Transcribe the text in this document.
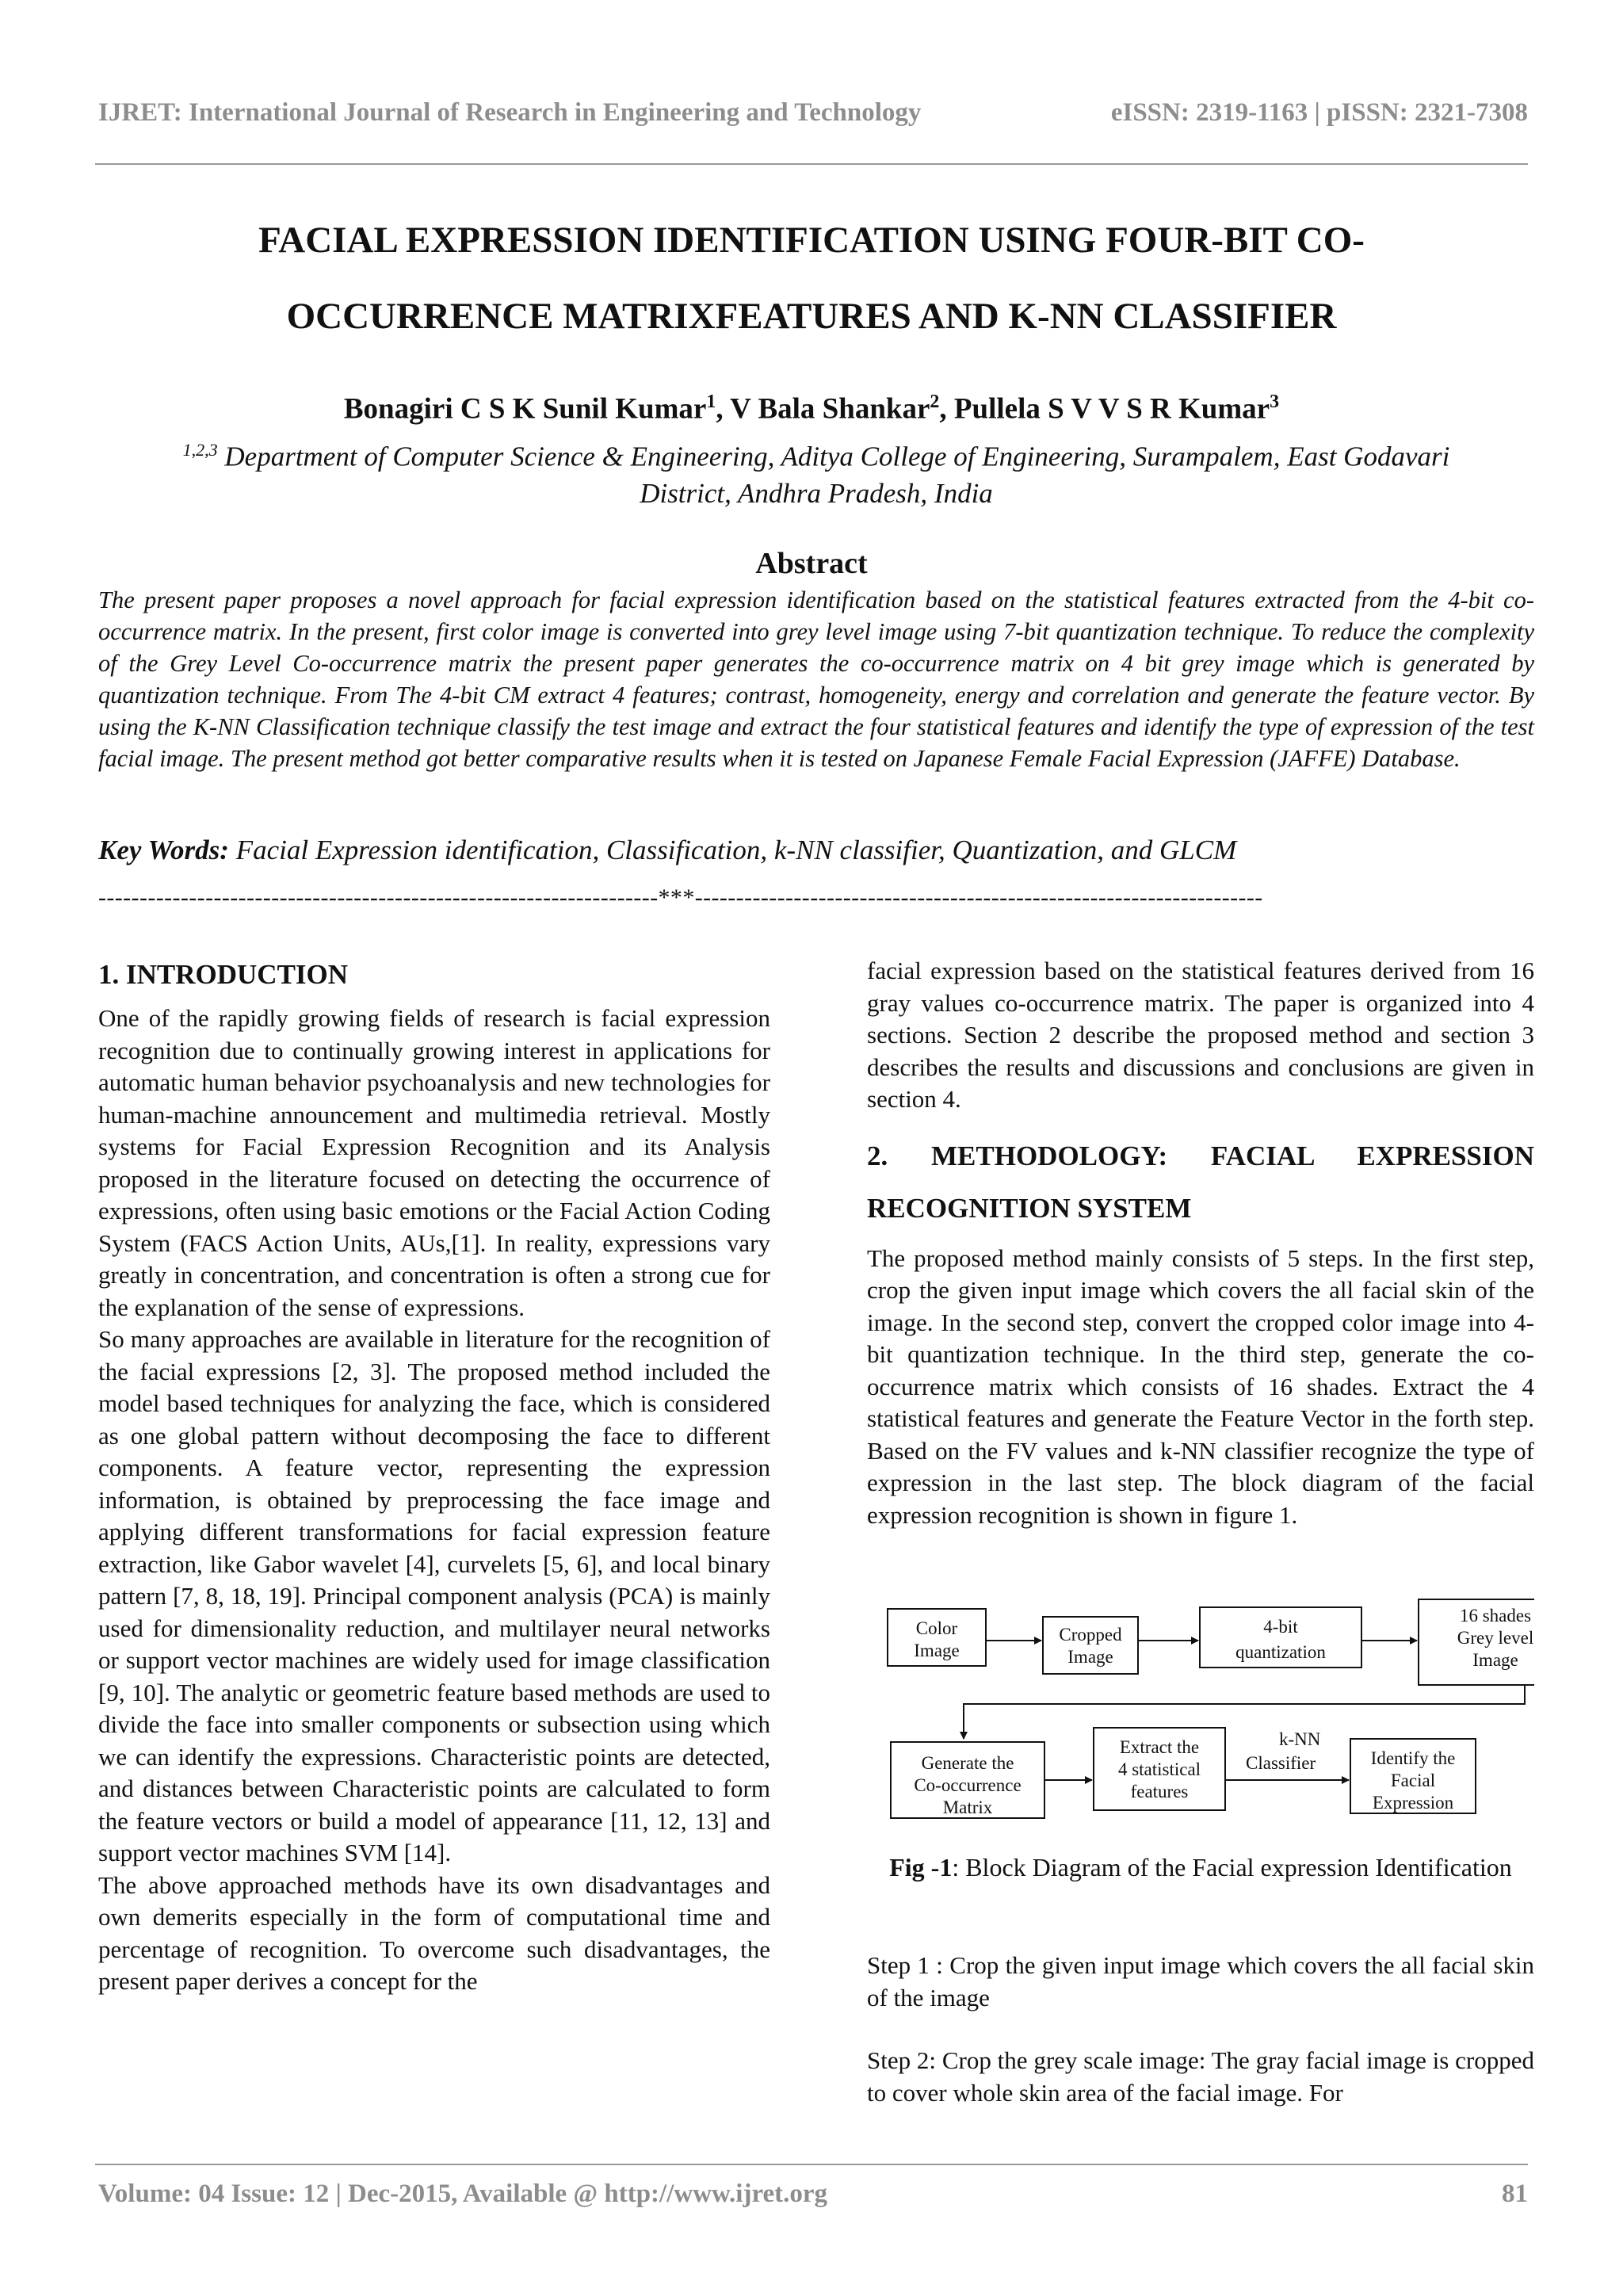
IJRET: International Journal of Research in Engineering and Technology	eISSN: 2319-1163 | pISSN: 2321-7308
FACIAL EXPRESSION IDENTIFICATION USING FOUR-BIT CO-
OCCURRENCE MATRIXFEATURES AND K-NN CLASSIFIER
Bonagiri C S K Sunil Kumar$^1$, V Bala Shankar$^2$, Pullela S V V S R Kumar$^3$
$^{1,2,3}$ Department of Computer Science & Engineering, Aditya College of Engineering, Surampalem, East Godavari
District, Andhra Pradesh, India
Abstract
The present paper proposes a novel approach for facial expression identification based on the statistical features extracted from the 4-bit co-occurrence matrix. In the present, first color image is converted into grey level image using 7-bit quantization technique. To reduce the complexity of the Grey Level Co-occurrence matrix the present paper generates the co-occurrence matrix on 4 bit grey image which is generated by quantization technique. From The 4-bit CM extract 4 features; contrast, homogeneity, energy and correlation and generate the feature vector. By using the K-NN Classification technique classify the test image and extract the four statistical features and identify the type of expression of the test facial image. The present method got better comparative results when it is tested on Japanese Female Facial Expression (JAFFE) Database.
Key Words: Facial Expression identification, Classification, k-NN classifier, Quantization, and GLCM
--------------------------------------------------------------------***---------------------------------------------------------------------
1. INTRODUCTION

One of the rapidly growing fields of research is facial expression recognition due to continually growing interest in applications for automatic human behavior psychoanalysis and new technologies for human-machine announcement and multimedia retrieval. Mostly systems for Facial Expression Recognition and its Analysis proposed in the literature focused on detecting the occurrence of expressions, often using basic emotions or the Facial Action Coding System (FACS Action Units, AUs,[1]. In reality, expressions vary greatly in concentration, and concentration is often a strong cue for the explanation of the sense of expressions.

So many approaches are available in literature for the recognition of the facial expressions [2, 3]. The proposed method included the model based techniques for analyzing the face, which is considered as one global pattern without decomposing the face to different components. A feature vector, representing the expression information, is obtained by preprocessing the face image and applying different transformations for facial expression feature extraction, like Gabor wavelet [4], curvelets [5, 6], and local binary pattern [7, 8, 18, 19]. Principal component analysis (PCA) is mainly used for dimensionality reduction, and multilayer neural networks or support vector machines are widely used for image classification [9, 10]. The analytic or geometric feature based methods are used to divide the face into smaller components or subsection using which we can identify the expressions. Characteristic points are detected, and distances between Characteristic points are calculated to form the feature vectors or build a model of appearance [11, 12, 13] and support vector machines SVM [14].

The above approached methods have its own disadvantages and own demerits especially in the form of computational time and percentage of recognition. To overcome such disadvantages, the present paper derives a concept for the

facial expression based on the statistical features derived from 16 gray values co-occurrence matrix. The paper is organized into 4 sections. Section 2 describe the proposed method and section 3 describes the results and discussions and conclusions are given in section 4.

2. METHODOLOGY: FACIAL EXPRESSION RECOGNITION SYSTEM

The proposed method mainly consists of 5 steps. In the first step, crop the given input image which covers the all facial skin of the image. In the second step, convert the cropped color image into 4-bit quantization technique. In the third step, generate the co-occurrence matrix which consists of 16 shades. Extract the 4 statistical features and generate the Feature Vector in the forth step. Based on the FV values and k-NN classifier recognize the type of expression in the last step. The block diagram of the facial expression recognition is shown in figure 1.

Color
Image
Cropped
Image
4-bit
quantization
16 shades
Grey level
Image
Generate the
Co-occurrence
Matrix
Extract the
4 statistical
features
k-NN
Classifier	Identify the
Facial
Expression
Fig -1: Block Diagram of the Facial expression Identification
Step 1 : Crop the given input image which covers the all facial skin of the image
Step 2: Crop the grey scale image: The gray facial image is cropped to cover whole skin area of the facial image. For
Volume: 04 Issue: 12 | Dec-2015, Available @ http://www.ijret.org	81
